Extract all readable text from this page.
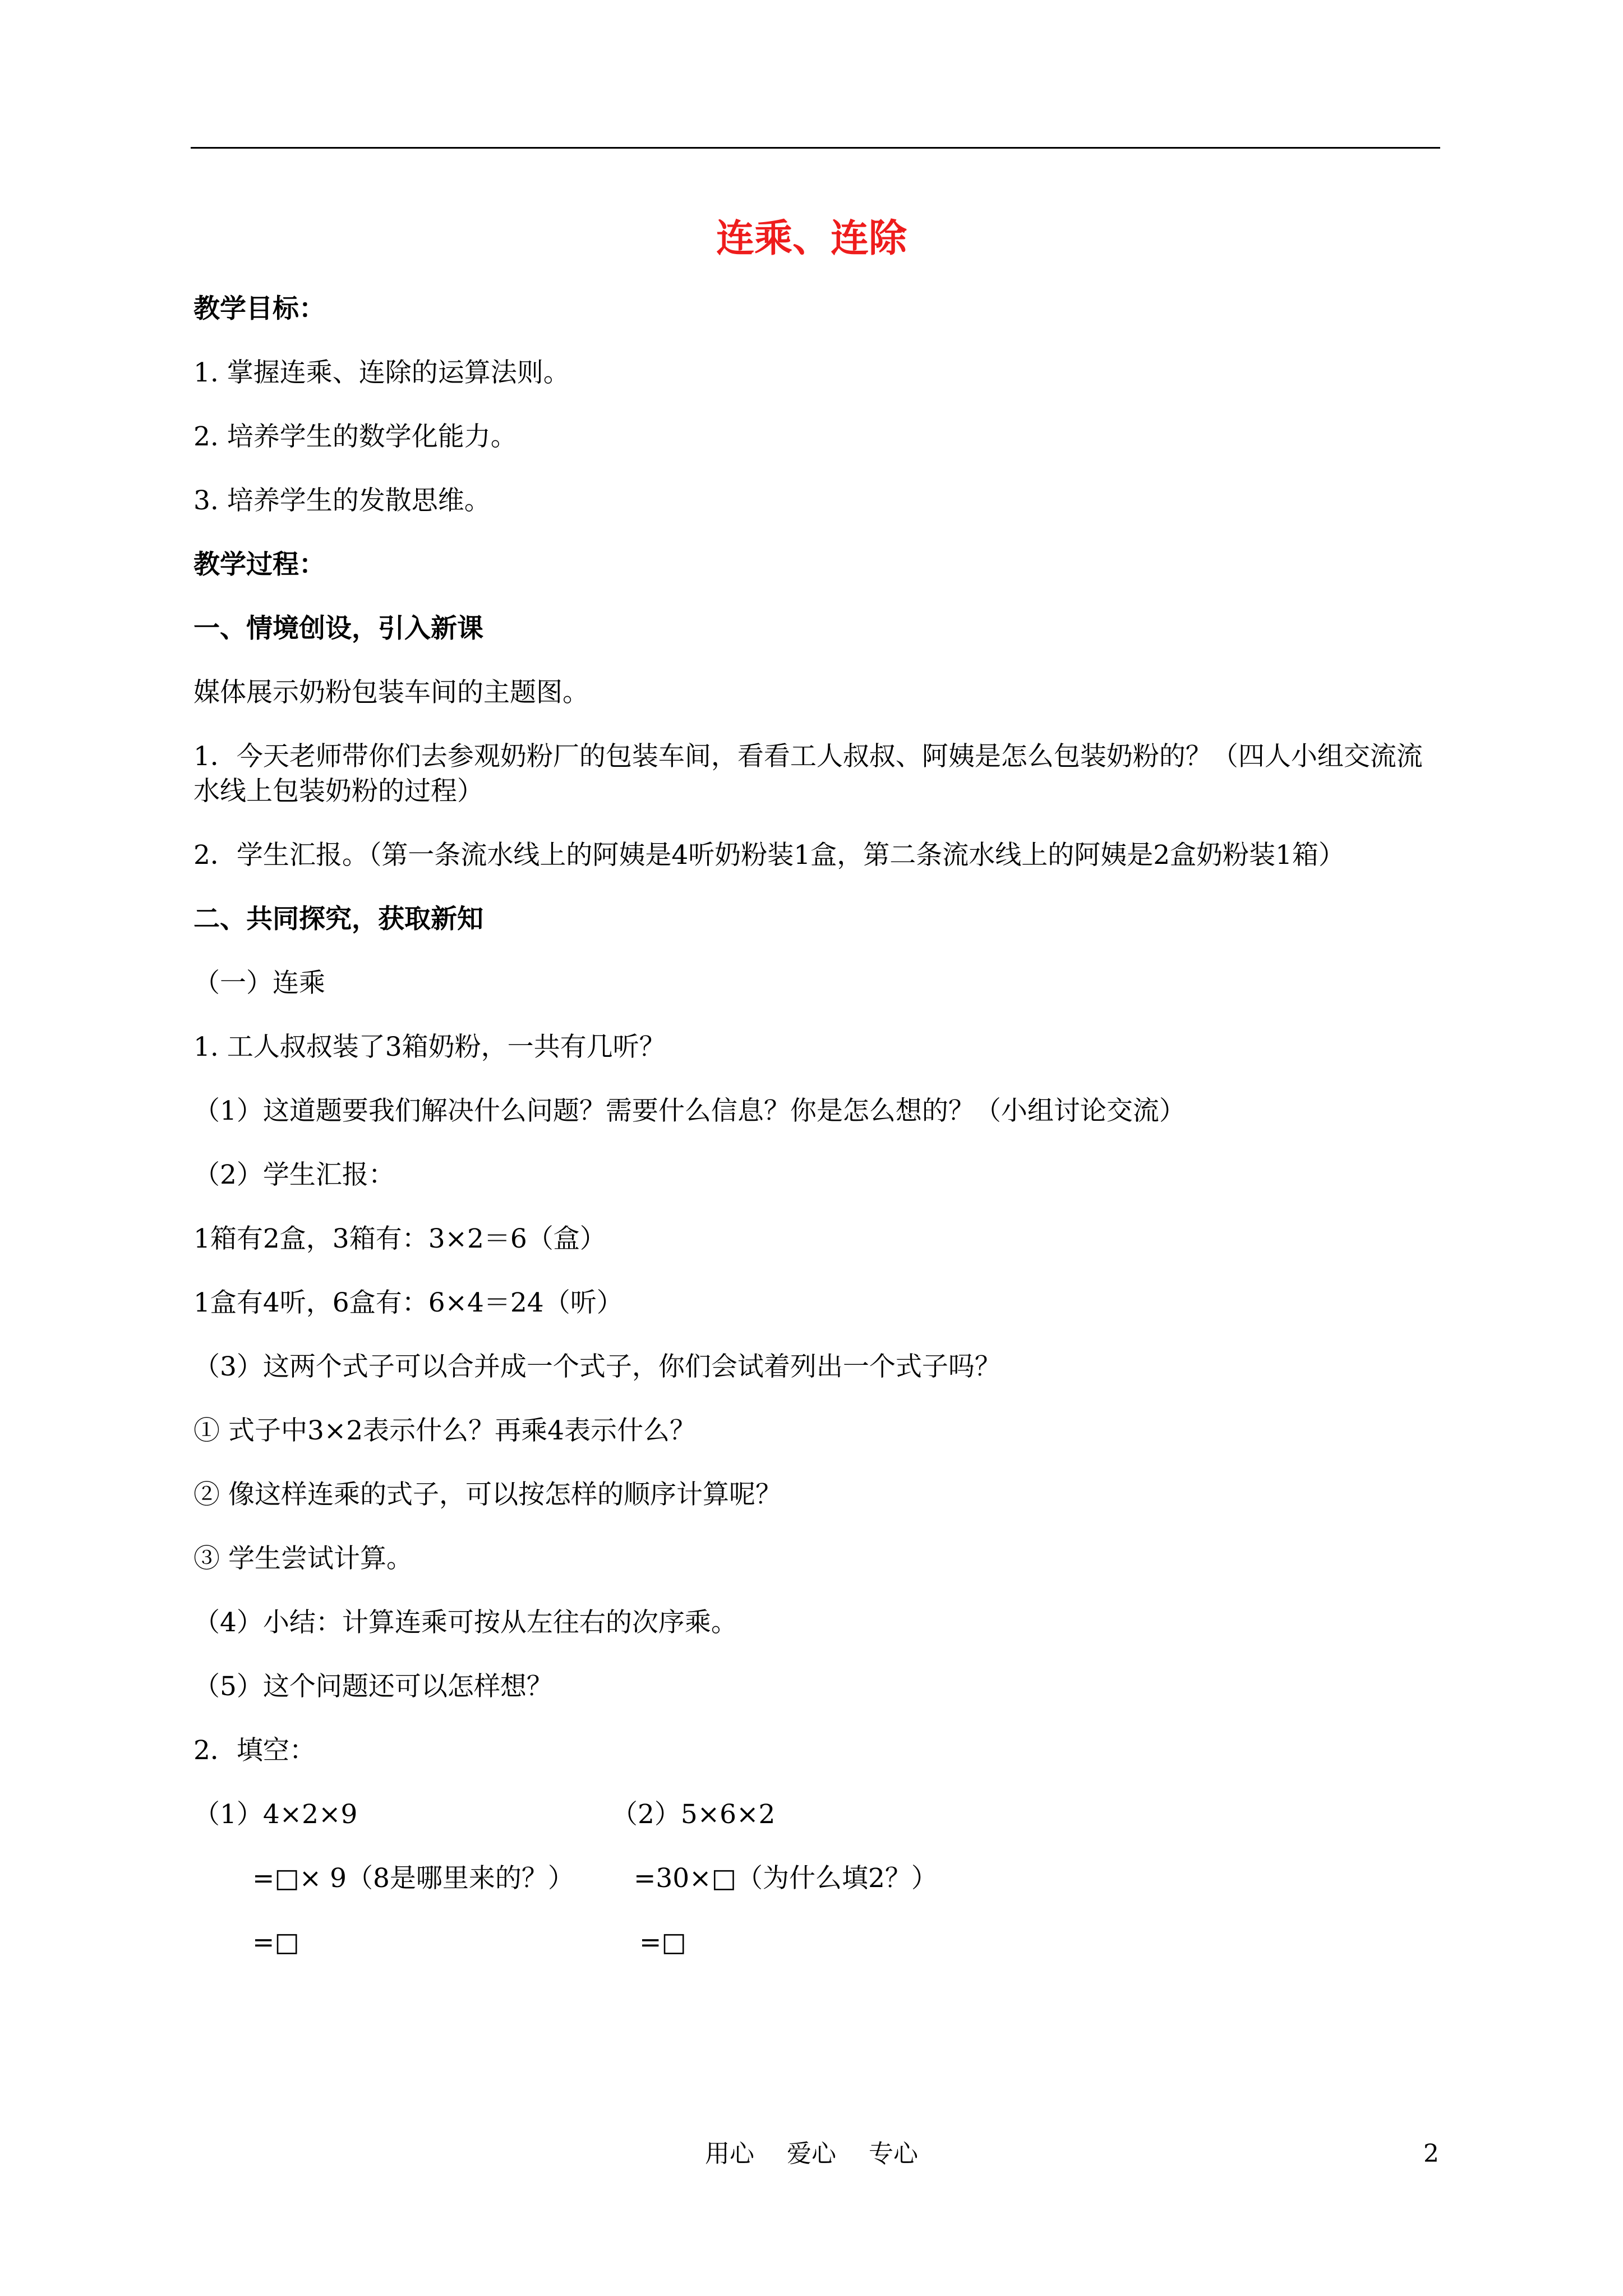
连乘、连除
教学目标：
1. 掌握连乘、连除的运算法则。
2. 培养学生的数学化能力。
3. 培养学生的发散思维。
教学过程：
一、情境创设，引入新课
媒体展示奶粉包装车间的主题图。
1．今天老师带你们去参观奶粉厂的包装车间，看看工人叔叔、阿姨是怎么包装奶粉的？（四人小组交流流水线上包装奶粉的过程）
2．学生汇报。（第一条流水线上的阿姨是4听奶粉装1盒，第二条流水线上的阿姨是2盒奶粉装1箱）
二、共同探究，获取新知
（一）连乘
1. 工人叔叔装了3箱奶粉，一共有几听？
（1）这道题要我们解决什么问题？需要什么信息？你是怎么想的？（小组讨论交流）
（2）学生汇报：
1箱有2盒，3箱有：3×2＝6（盒）
1盒有4听，6盒有：6×4＝24（听）
（3）这两个式子可以合并成一个式子，你们会试着列出一个式子吗？
① 式子中3×2表示什么？再乘4表示什么？
② 像这样连乘的式子，可以按怎样的顺序计算呢？
③ 学生尝试计算。
（4）小结：计算连乘可按从左往右的次序乘。
（5）这个问题还可以怎样想？
2．填空：
（1）4×2×9	（2）5×6×2
=□× 9（8是哪里来的？）	=30×□（为什么填2？）
=□	=□
用心 爱心 专心	2
